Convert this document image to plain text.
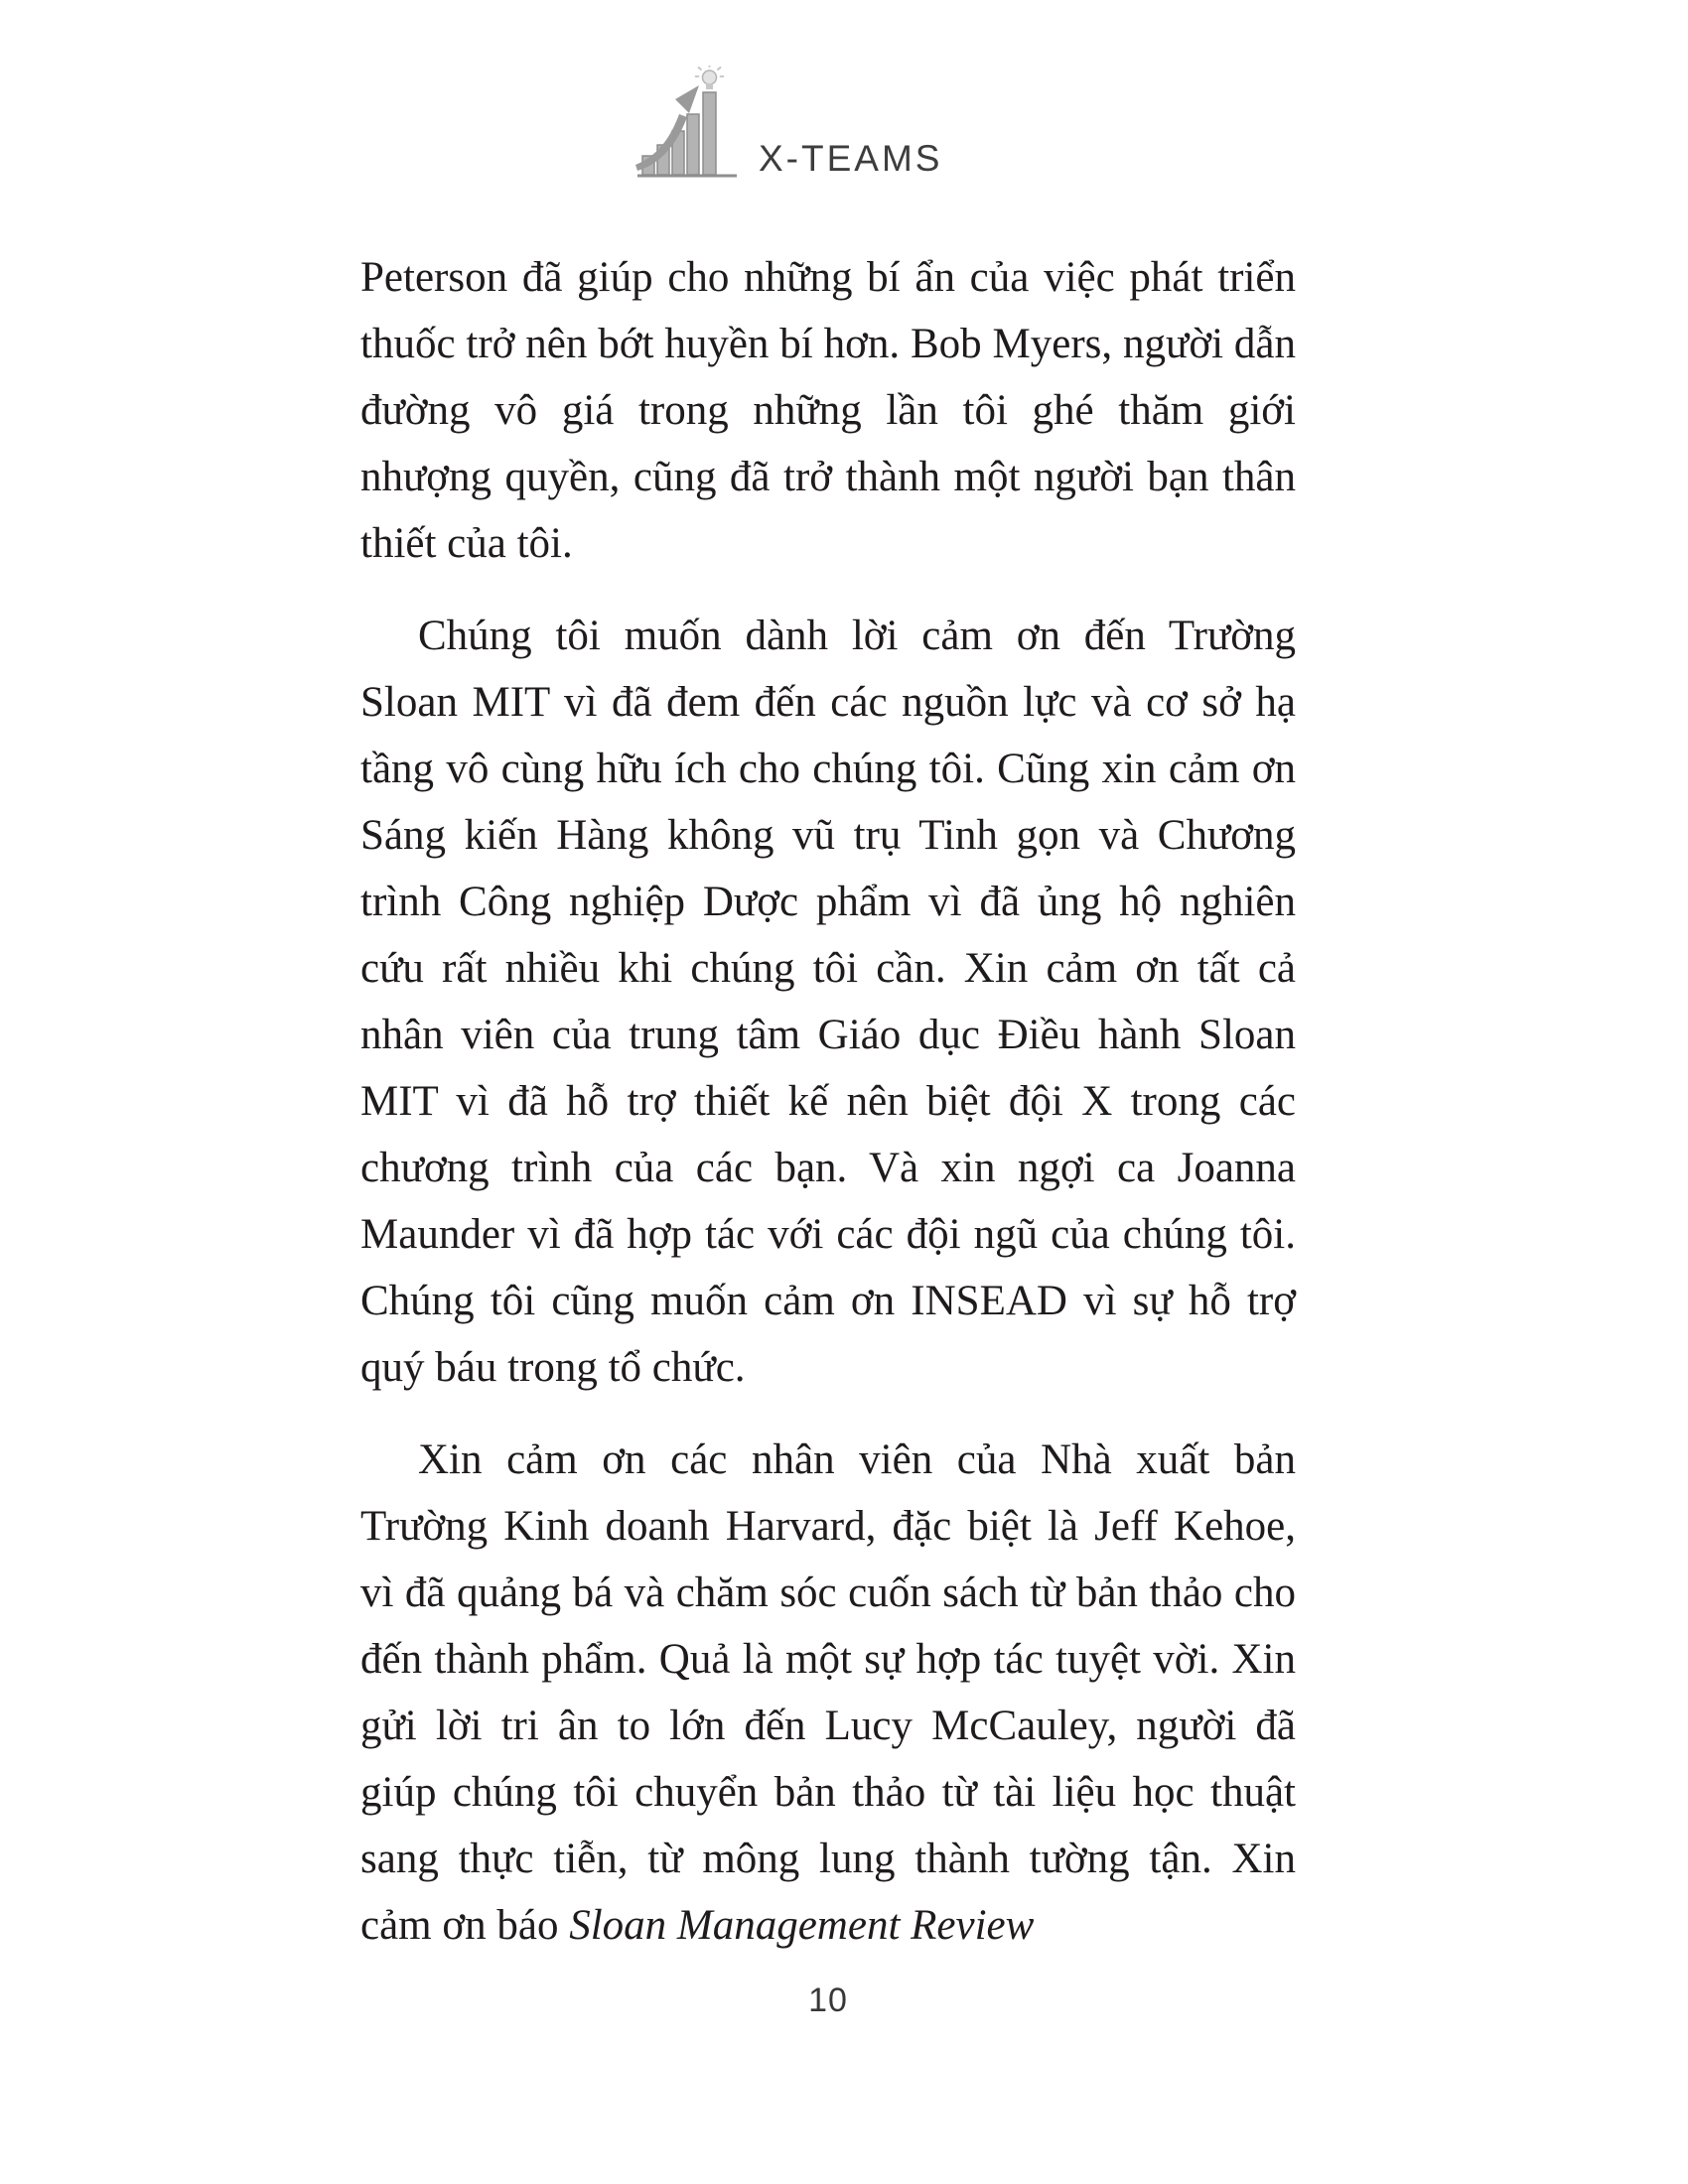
X-TEAMS

Peterson đã giúp cho những bí ẩn của việc phát triển thuốc trở nên bớt huyền bí hơn. Bob Myers, người dẫn đường vô giá trong những lần tôi ghé thăm giới nhượng quyền, cũng đã trở thành một người bạn thân thiết của tôi.

Chúng tôi muốn dành lời cảm ơn đến Trường Sloan MIT vì đã đem đến các nguồn lực và cơ sở hạ tầng vô cùng hữu ích cho chúng tôi. Cũng xin cảm ơn Sáng kiến Hàng không vũ trụ Tinh gọn và Chương trình Công nghiệp Dược phẩm vì đã ủng hộ nghiên cứu rất nhiều khi chúng tôi cần. Xin cảm ơn tất cả nhân viên của trung tâm Giáo dục Điều hành Sloan MIT vì đã hỗ trợ thiết kế nên biệt đội X trong các chương trình của các bạn. Và xin ngợi ca Joanna Maunder vì đã hợp tác với các đội ngũ của chúng tôi. Chúng tôi cũng muốn cảm ơn INSEAD vì sự hỗ trợ quý báu trong tổ chức.

Xin cảm ơn các nhân viên của Nhà xuất bản Trường Kinh doanh Harvard, đặc biệt là Jeff Kehoe, vì đã quảng bá và chăm sóc cuốn sách từ bản thảo cho đến thành phẩm. Quả là một sự hợp tác tuyệt vời. Xin gửi lời tri ân to lớn đến Lucy McCauley, người đã giúp chúng tôi chuyển bản thảo từ tài liệu học thuật sang thực tiễn, từ mông lung thành tường tận. Xin cảm ơn báo Sloan Management Review

10
